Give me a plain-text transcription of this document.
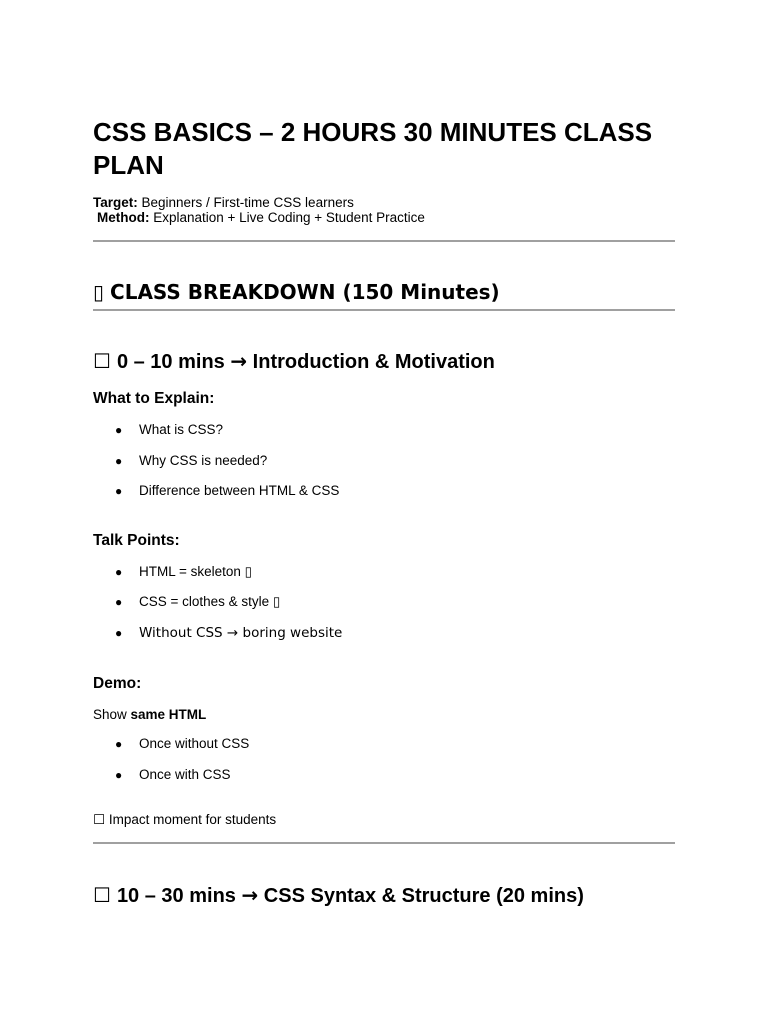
CSS BASICS – 2 HOURS 30 MINUTES CLASS PLAN
Target: Beginners / First-time CSS learners
Method: Explanation + Live Coding + Student Practice
▯ CLASS BREAKDOWN (150 Minutes)
☐ 0 – 10 mins → Introduction & Motivation
What to Explain:
● What is CSS?
● Why CSS is needed?
● Difference between HTML & CSS
Talk Points:
● HTML = skeleton ▯
● CSS = clothes & style ▯
● Without CSS → boring website
Demo:
Show same HTML
● Once without CSS
● Once with CSS
☐ Impact moment for students
☐ 10 – 30 mins → CSS Syntax & Structure (20 mins)
